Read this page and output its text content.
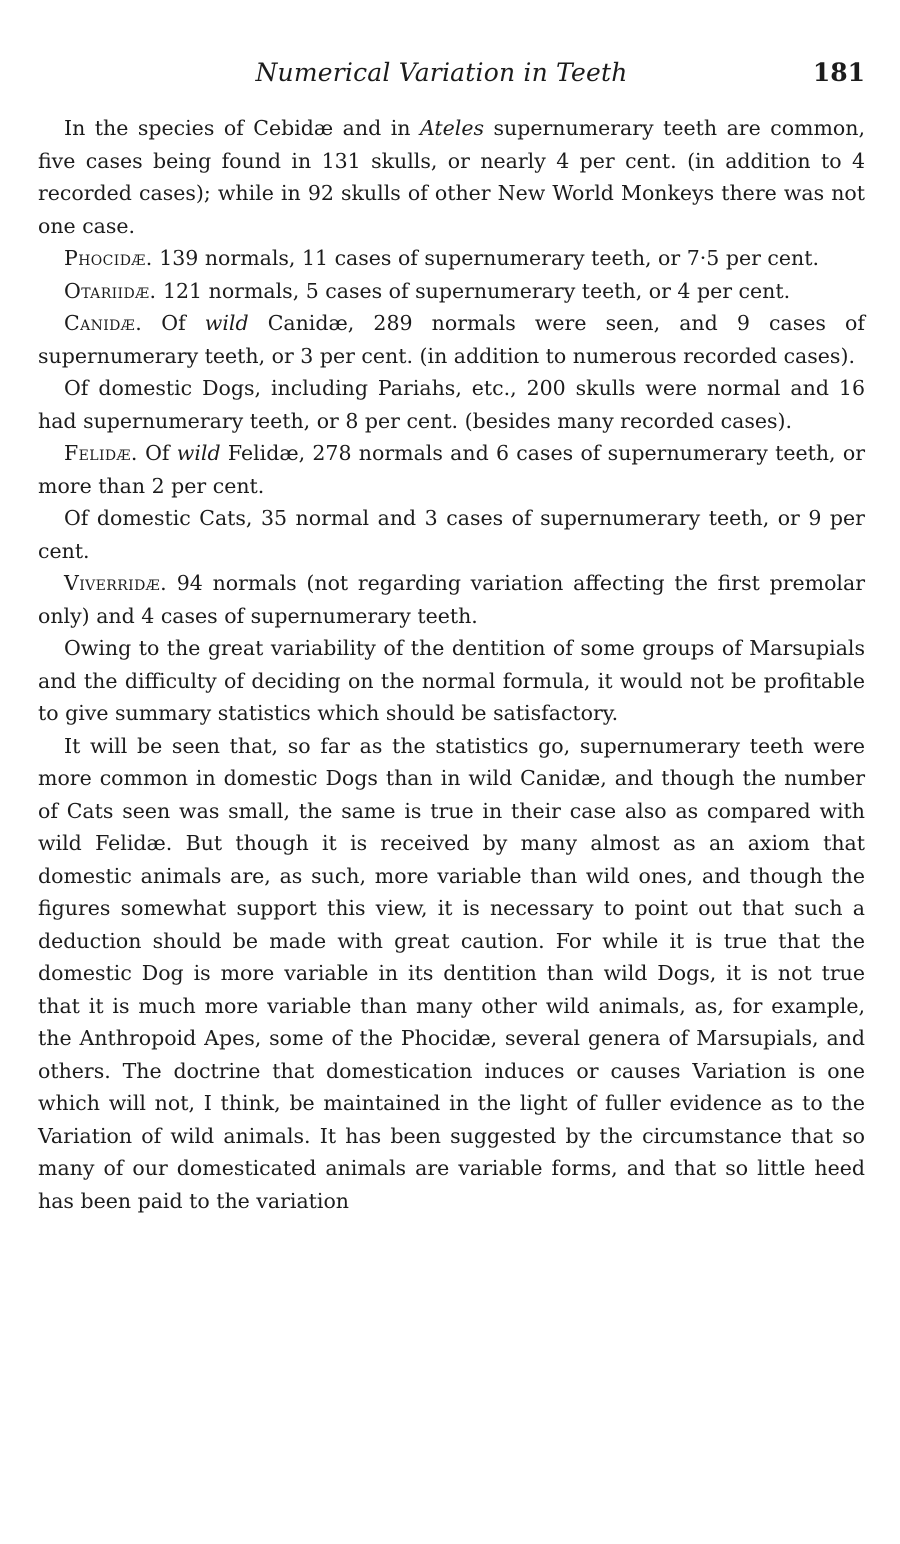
Numerical Variation in Teeth	181

In the species of Cebidæ and in Ateles supernumerary teeth are common, five cases being found in 131 skulls, or nearly 4 per cent. (in addition to 4 recorded cases); while in 92 skulls of other New World Monkeys there was not one case.

Phocidæ. 139 normals, 11 cases of supernumerary teeth, or 7·5 per cent.

Otariidæ. 121 normals, 5 cases of supernumerary teeth, or 4 per cent.

Canidæ. Of wild Canidæ, 289 normals were seen, and 9 cases of supernumerary teeth, or 3 per cent. (in addition to numerous recorded cases).

Of domestic Dogs, including Pariahs, etc., 200 skulls were normal and 16 had supernumerary teeth, or 8 per cent. (besides many recorded cases).

Felidæ. Of wild Felidæ, 278 normals and 6 cases of supernumerary teeth, or more than 2 per cent.

Of domestic Cats, 35 normal and 3 cases of supernumerary teeth, or 9 per cent.

Viverridæ. 94 normals (not regarding variation affecting the first premolar only) and 4 cases of supernumerary teeth.

Owing to the great variability of the dentition of some groups of Marsupials and the difficulty of deciding on the normal formula, it would not be profitable to give summary statistics which should be satisfactory.

It will be seen that, so far as the statistics go, supernumerary teeth were more common in domestic Dogs than in wild Canidæ, and though the number of Cats seen was small, the same is true in their case also as compared with wild Felidæ. But though it is received by many almost as an axiom that domestic animals are, as such, more variable than wild ones, and though the figures somewhat support this view, it is necessary to point out that such a deduction should be made with great caution. For while it is true that the domestic Dog is more variable in its dentition than wild Dogs, it is not true that it is much more variable than many other wild animals, as, for example, the Anthropoid Apes, some of the Phocidæ, several genera of Marsupials, and others. The doctrine that domestication induces or causes Variation is one which will not, I think, be maintained in the light of fuller evidence as to the Variation of wild animals. It has been suggested by the circumstance that so many of our domesticated animals are variable forms, and that so little heed has been paid to the variation
